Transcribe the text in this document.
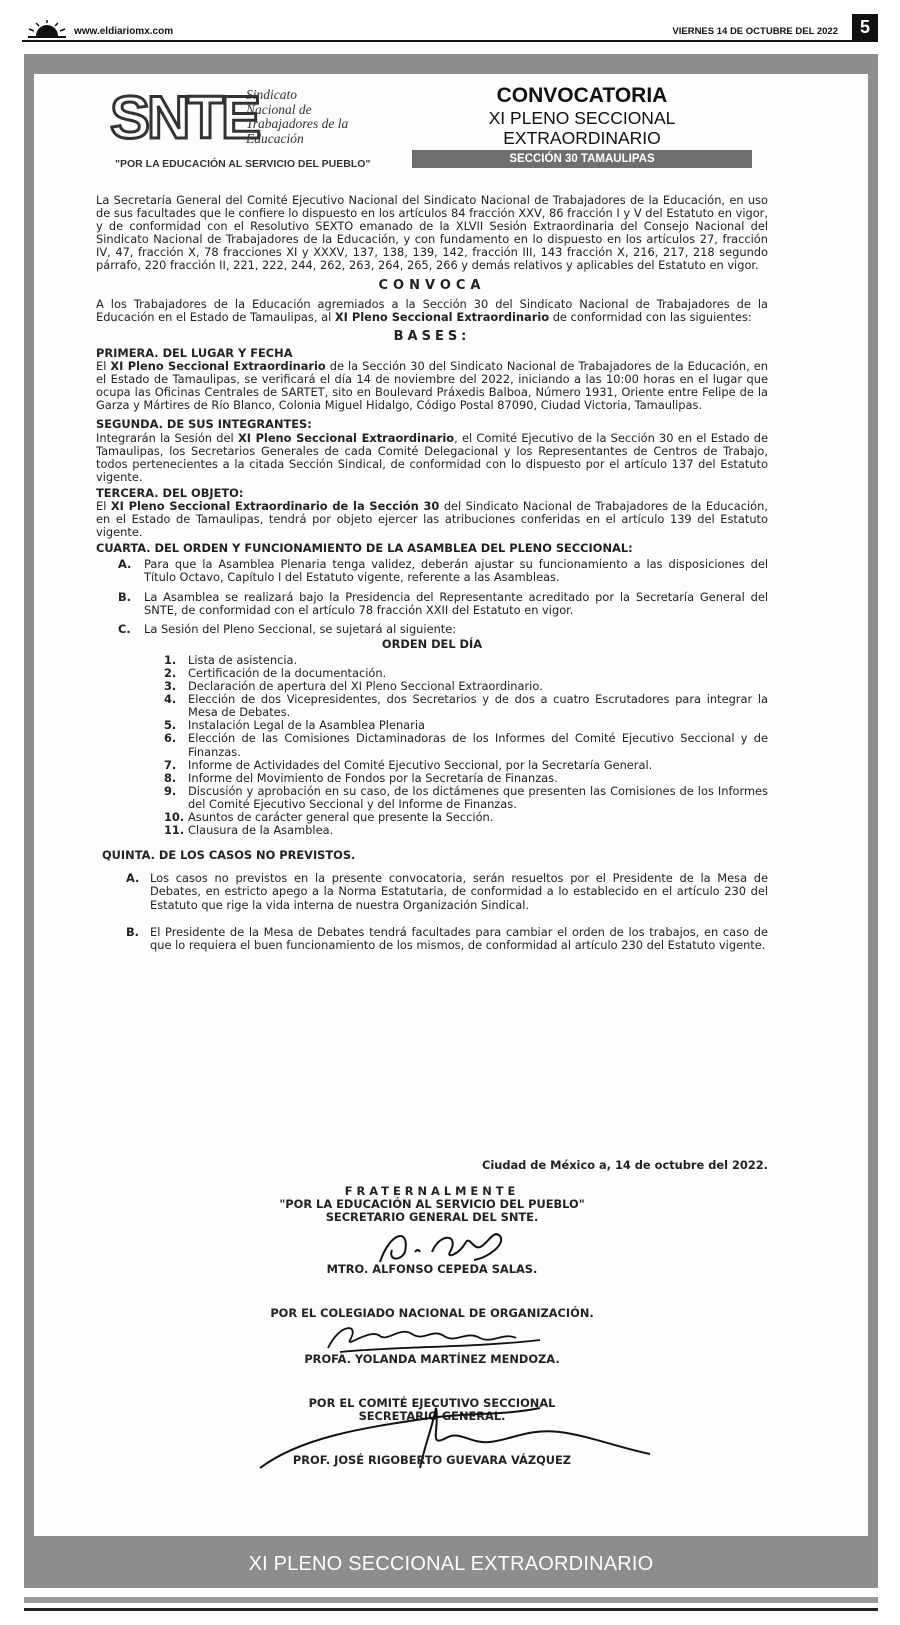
www.eldiariomx.com	VIERNES 14 DE OCTUBRE DEL 2022	5
SNTE
Sindicato
Nacional de
Trabajadores de la
Educación
"POR LA EDUCACIÓN AL SERVICIO DEL PUEBLO"
CONVOCATORIA
XI PLENO SECCIONAL
EXTRAORDINARIO
SECCIÓN 30 TAMAULIPAS

La Secretaría General del Comité Ejecutivo Nacional del Sindicato Nacional de Trabajadores de la Educación, en uso de sus facultades que le confiere lo dispuesto en los artículos 84 fracción XXV, 86 fracción I y V del Estatuto en vigor, y de conformidad con el Resolutivo SEXTO emanado de la XLVII Sesión Extraordinaria del Consejo Nacional del Sindicato Nacional de Trabajadores de la Educación, y con fundamento en lo dispuesto en los artículos 27, fracción IV, 47, fracción X, 78 fracciones XI y XXXV, 137, 138, 139, 142, fracción III, 143 fracción X, 216, 217, 218 segundo párrafo, 220 fracción II, 221, 222, 244, 262, 263, 264, 265, 266 y demás relativos y aplicables del Estatuto en vigor.

CONVOCA

A los Trabajadores de la Educación agremiados a la Sección 30 del Sindicato Nacional de Trabajadores de la Educación en el Estado de Tamaulipas, al XI Pleno Seccional Extraordinario de conformidad con las siguientes:

BASES:
PRIMERA. DEL LUGAR Y FECHA

El XI Pleno Seccional Extraordinario de la Sección 30 del Sindicato Nacional de Trabajadores de la Educación, en el Estado de Tamaulipas, se verificará el día 14 de noviembre del 2022, iniciando a las 10:00 horas en el lugar que ocupa las Oficinas Centrales de SARTET, sito en Boulevard Práxedis Balboa, Número 1931, Oriente entre Felipe de la Garza y Mártires de Río Blanco, Colonia Miguel Hidalgo, Código Postal 87090, Ciudad Victoria, Tamaulipas.

SEGUNDA. DE SUS INTEGRANTES:

Integrarán la Sesión del XI Pleno Seccional Extraordinario, el Comité Ejecutivo de la Sección 30 en el Estado de Tamaulipas, los Secretarios Generales de cada Comité Delegacional y los Representantes de Centros de Trabajo, todos pertenecientes a la citada Sección Sindical, de conformidad con lo dispuesto por el artículo 137 del Estatuto vigente.

TERCERA. DEL OBJETO:

El XI Pleno Seccional Extraordinario de la Sección 30 del Sindicato Nacional de Trabajadores de la Educación, en el Estado de Tamaulipas, tendrá por objeto ejercer las atribuciones conferidas en el artículo 139 del Estatuto vigente.

CUARTA. DEL ORDEN Y FUNCIONAMIENTO DE LA ASAMBLEA DEL PLENO SECCIONAL:
A. Para que la Asamblea Plenaria tenga validez, deberán ajustar su funcionamiento a las disposiciones del Título Octavo, Capítulo I del Estatuto vigente, referente a las Asambleas.
B. La Asamblea se realizará bajo la Presidencia del Representante acreditado por la Secretaría General del SNTE, de conformidad con el artículo 78 fracción XXII del Estatuto en vigor.
C. La Sesión del Pleno Seccional, se sujetará al siguiente:
ORDEN DEL DÍA
1. Lista de asistencia.
2. Certificación de la documentación.
3. Declaración de apertura del XI Pleno Seccional Extraordinario.
4. Elección de dos Vicepresidentes, dos Secretarios y de dos a cuatro Escrutadores para integrar la Mesa de Debates.
5. Instalación Legal de la Asamblea Plenaria
6. Elección de las Comisiones Dictaminadoras de los Informes del Comité Ejecutivo Seccional y de Finanzas.
7. Informe de Actividades del Comité Ejecutivo Seccional, por la Secretaría General.
8. Informe del Movimiento de Fondos por la Secretaría de Finanzas.
9. Discusión y aprobación en su caso, de los dictámenes que presenten las Comisiones de los Informes del Comité Ejecutivo Seccional y del Informe de Finanzas.
10. Asuntos de carácter general que presente la Sección.
11. Clausura de la Asamblea.
QUINTA. DE LOS CASOS NO PREVISTOS.
A. Los casos no previstos en la presente convocatoria, serán resueltos por el Presidente de la Mesa de Debates, en estricto apego a la Norma Estatutaria, de conformidad a lo establecido en el artículo 230 del Estatuto que rige la vida interna de nuestra Organización Sindical.
B. El Presidente de la Mesa de Debates tendrá facultades para cambiar el orden de los trabajos, en caso de que lo requiera el buen funcionamiento de los mismos, de conformidad al artículo 230 del Estatuto vigente.
Ciudad de México a, 14 de octubre del 2022.
FRATERNALMENTE
"POR LA EDUCACIÓN AL SERVICIO DEL PUEBLO"
SECRETARIO GENERAL DEL SNTE.
MTRO. ALFONSO CEPEDA SALAS.
POR EL COLEGIADO NACIONAL DE ORGANIZACIÓN.
PROFA. YOLANDA MARTÍNEZ MENDOZA.
POR EL COMITÉ EJECUTIVO SECCIONAL
SECRETARIO GENERAL.
PROF. JOSÉ RIGOBERTO GUEVARA VÁZQUEZ
XI PLENO SECCIONAL EXTRAORDINARIO
